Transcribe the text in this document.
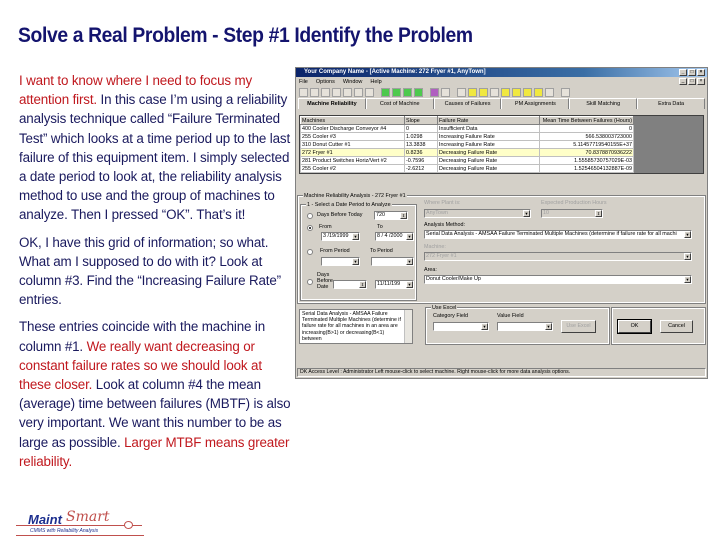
Solve a Real Problem - Step #1 Identify the Problem

I want to know where I need to focus my attention first. In this case I’m using a reliability analysis technique called “Failure Terminated Test” which looks at a time period up to the last failure of this equipment item. I simply selected a date period to look at, the reliability analysis method to use and the group of machines to analyze. Then I pressed “OK”. That’s it!

OK, I have this grid of information; so what. What am I supposed to do with it? Look at column #3. Find the “Increasing Failure Rate” entries.

These entries coincide with the machine in column #1. We really want decreasing or constant failure rates so we should look at these closer. Look at column #4 the mean (average) time between failures (MBTF) is also very important. We want this number to be as large as possible. Larger MTBF means greater reliability.

Maint Smart
CMMS with Reliability Analysis
Your Company Name - [Active Machine: 272 Fryer #1, AnyTown]	_	□	×
File Options Window Help	_	□	×
Machine Reliability	Cost of Machine	Causes of Failures	PM Assignments	Skill Matching	Extra Data
Machines	Slope	Failure Rate	Mean Time Between Failures (Hours)
400 Cooler Discharge Conveyor #4	0	Insufficient Data	0
255 Cooler #3	1.0298	Increasing Failure Rate	566.538003723000
310 Donut Cutter #1	13.3838	Increasing Failure Rate	5.11457719540155E+37
272 Fryer #1	0.8236	Decreasing Failure Rate	70.8378870936222
281 Product Switches Horiz/Vert #2	-0.7596	Decreasing Failure Rate	1.55585730757029E-03
255 Cooler #2	-2.6212	Decreasing Failure Rate	1.52546504132887E-09
Machine Reliability Analysis - 272 Fryer #1
1 - Select a Date Period to Analyze
Days Before Today	720	⇕
From	To
3 /19/1999	▼	8 / 4 /2000	▼
From Period	To Period
▼	▼
Days Before Date	⇕	11/11/199	▼
Where Plant is:
AnyTown	▼
Expected Production Hours
10	⇕
Analysis Method:
Serial Data Analysis - AMSAA Failure Terminated Multiple Machines (determine if failure rate for all machi	▼
Machine:
272 Fryer #1	▼
Area:
Donut Cooler/Make Up	▼
Serial Data Analysis - AMSAA Failure Terminated Multiple Machines (determine if failure rate for all machines in an area are increasing(B>1) or decreasing(B<1) between
Use Excel
Category Field
▼
Value Field
▼	Use Excel	OK	Cancel
DK Access Level : Administrator Left mouse-click to select machine. Right mouse-click for more data analysis options.
